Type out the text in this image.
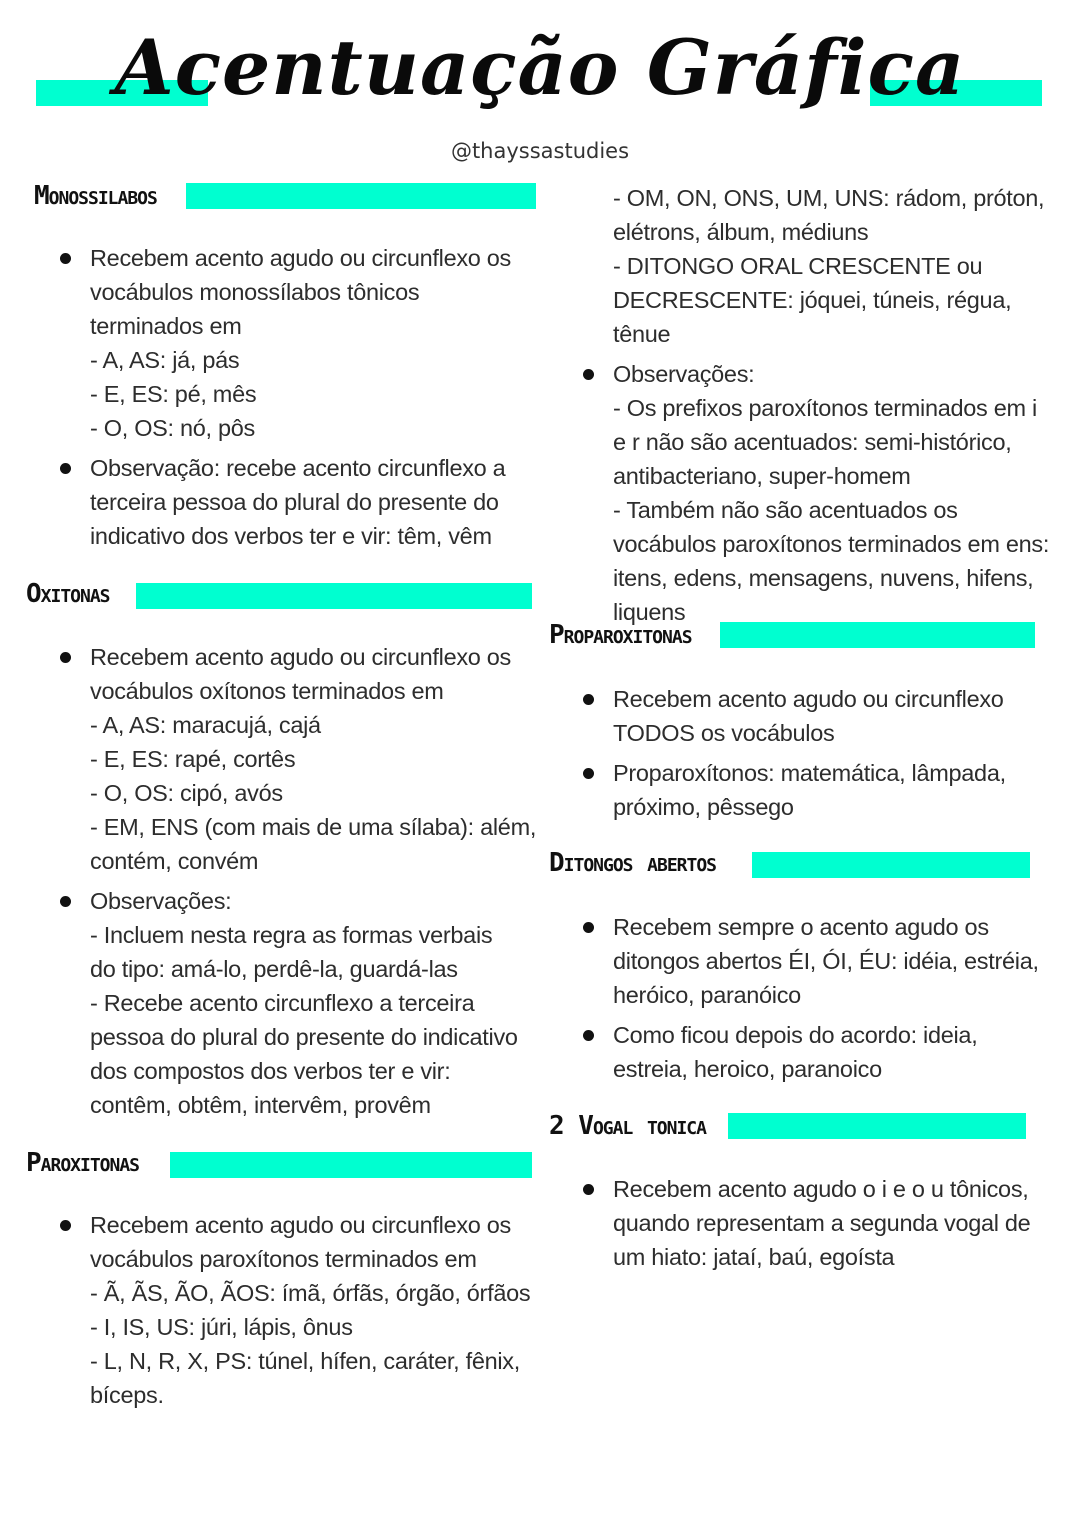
Acentuação Gráfica
@thayssastudies
Monossilabos
Recebem acento agudo ou circunflexo os
vocábulos monossílabos tônicos
terminados em
- A, AS: já, pás
- E, ES: pé, mês
- O, OS: nó, pôs
Observação: recebe acento circunflexo a
terceira pessoa do plural do presente do
indicativo dos verbos ter e vir: têm, vêm
Oxitonas
Recebem acento agudo ou circunflexo os
vocábulos oxítonos terminados em
- A, AS: maracujá, cajá
- E, ES: rapé, cortês
- O, OS: cipó, avós
- EM, ENS (com mais de uma sílaba): além,
contém, convém
Observações:
- Incluem nesta regra as formas verbais
do tipo: amá-lo, perdê-la, guardá-las
- Recebe acento circunflexo a terceira
pessoa do plural do presente do indicativo
dos compostos dos verbos ter e vir:
contêm, obtêm, intervêm, provêm
Paroxitonas
Recebem acento agudo ou circunflexo os
vocábulos paroxítonos terminados em
- Ã, ÃS, ÃO, ÃOS: ímã, órfãs, órgão, órfãos
- I, IS, US: júri, lápis, ônus
- L, N, R, X, PS: túnel, hífen, caráter, fênix,
bíceps.
- OM, ON, ONS, UM, UNS: rádom, próton,
elétrons, álbum, médiuns
- DITONGO ORAL CRESCENTE ou
DECRESCENTE: jóquei, túneis, régua, tênue
Observações:
- Os prefixos paroxítonos terminados em i
e r não são acentuados: semi-histórico,
antibacteriano, super-homem
- Também não são acentuados os
vocábulos paroxítonos terminados em ens:
itens, edens, mensagens, nuvens, hifens,
liquens
Proparoxitonas
Recebem acento agudo ou circunflexo
TODOS os vocábulos
Proparoxítonos: matemática, lâmpada,
próximo, pêssego
Ditongos abertos
Recebem sempre o acento agudo os
ditongos abertos ÉI, ÓI, ÉU: idéia, estréia,
heróico, paranóico
Como ficou depois do acordo: ideia,
estreia, heroico, paranoico
2 Vogal tonica
Recebem acento agudo o i e o u tônicos,
quando representam a segunda vogal de
um hiato: jataí, baú, egoísta
